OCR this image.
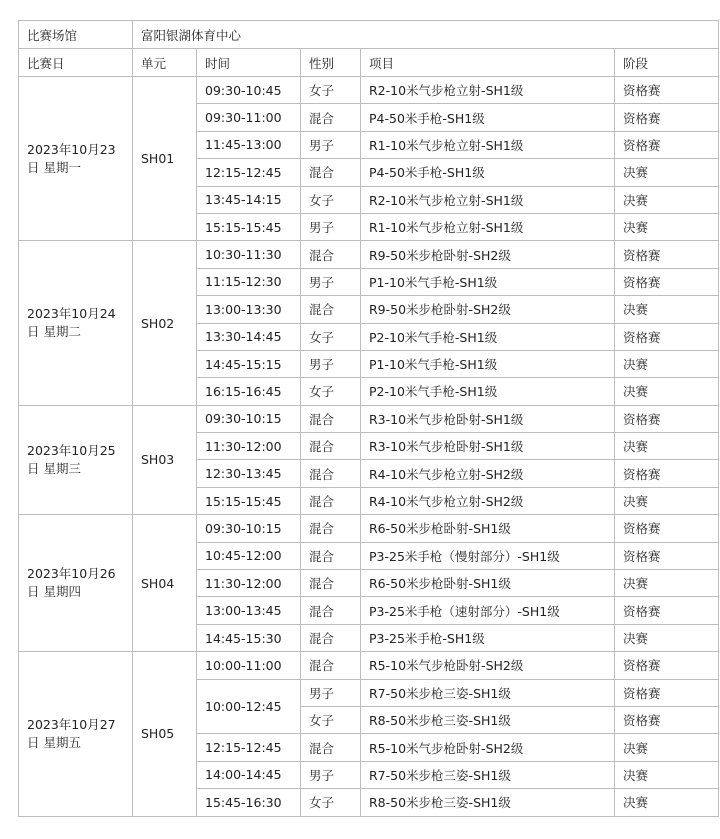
比赛场馆	富阳银湖体育中心				
比赛日	单元	时间	性别	项目	阶段
2023年10月23日 星期一	SH01	09:30-10:45	女子	R2-10米气步枪立射-SH1级	资格赛
		09:30-11:00	混合	P4-50米手枪-SH1级	资格赛
		11:45-13:00	男子	R1-10米气步枪立射-SH1级	资格赛
		12:15-12:45	混合	P4-50米手枪-SH1级	决赛
		13:45-14:15	女子	R2-10米气步枪立射-SH1级	决赛
		15:15-15:45	男子	R1-10米气步枪立射-SH1级	决赛
2023年10月24日 星期二	SH02	10:30-11:30	混合	R9-50米步枪卧射-SH2级	资格赛
		11:15-12:30	男子	P1-10米气手枪-SH1级	资格赛
		13:00-13:30	混合	R9-50米步枪卧射-SH2级	决赛
		13:30-14:45	女子	P2-10米气手枪-SH1级	资格赛
		14:45-15:15	男子	P1-10米气手枪-SH1级	决赛
		16:15-16:45	女子	P2-10米气手枪-SH1级	决赛
2023年10月25日 星期三	SH03	09:30-10:15	混合	R3-10米气步枪卧射-SH1级	资格赛
		11:30-12:00	混合	R3-10米气步枪卧射-SH1级	决赛
		12:30-13:45	混合	R4-10米气步枪立射-SH2级	资格赛
		15:15-15:45	混合	R4-10米气步枪立射-SH2级	决赛
2023年10月26日 星期四	SH04	09:30-10:15	混合	R6-50米步枪卧射-SH1级	资格赛
		10:45-12:00	混合	P3-25米手枪（慢射部分）-SH1级	资格赛
		11:30-12:00	混合	R6-50米步枪卧射-SH1级	决赛
		13:00-13:45	混合	P3-25米手枪（速射部分）-SH1级	资格赛
		14:45-15:30	混合	P3-25米手枪-SH1级	决赛
2023年10月27日 星期五	SH05	10:00-11:00	混合	R5-10米气步枪卧射-SH2级	资格赛
		10:00-12:45	男子	R7-50米步枪三姿-SH1级	资格赛
			女子	R8-50米步枪三姿-SH1级	资格赛
		12:15-12:45	混合	R5-10米气步枪卧射-SH2级	决赛
		14:00-14:45	男子	R7-50米步枪三姿-SH1级	决赛
		15:45-16:30	女子	R8-50米步枪三姿-SH1级	决赛
